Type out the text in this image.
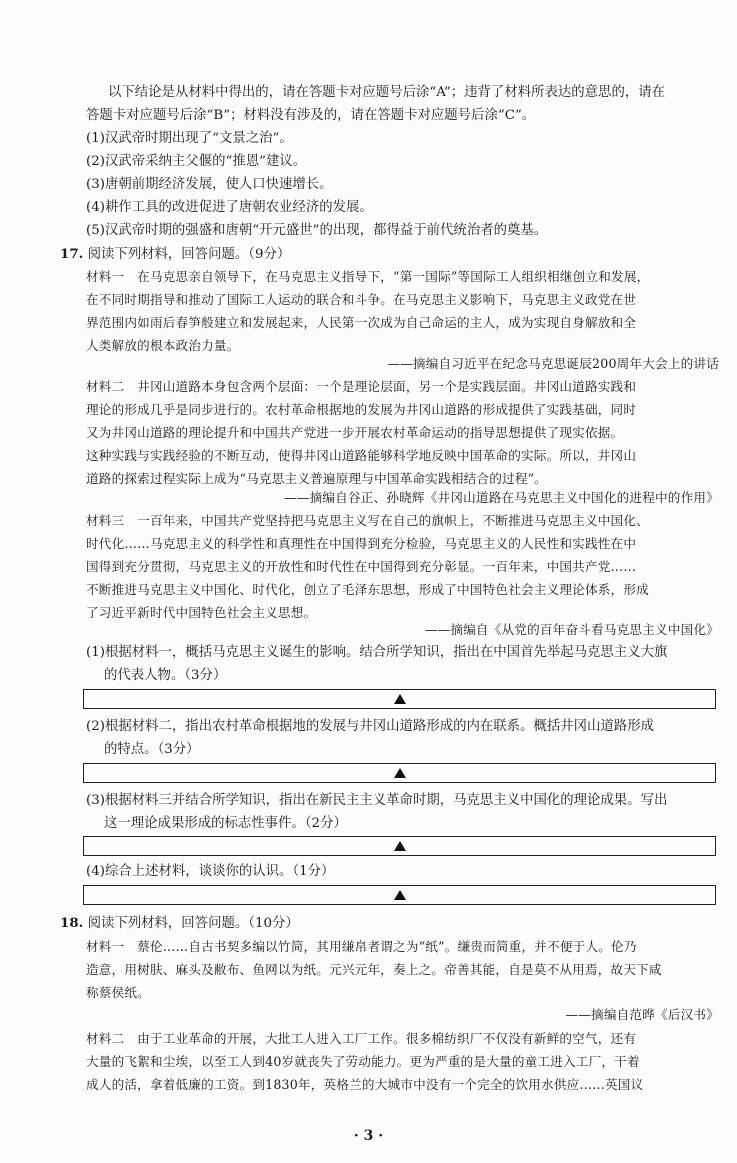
以下结论是从材料中得出的，请在答题卡对应题号后涂“A”；违背了材料所表达的意思的，请在
答题卡对应题号后涂“B”；材料没有涉及的，请在答题卡对应题号后涂“C”。
(1)汉武帝时期出现了“文景之治”。
(2)汉武帝采纳主父偃的“推恩”建议。
(3)唐朝前期经济发展，使人口快速增长。
(4)耕作工具的改进促进了唐朝农业经济的发展。
(5)汉武帝时期的强盛和唐朝“开元盛世”的出现，都得益于前代统治者的奠基。
17. 阅读下列材料，回答问题。（9分）
材料一　在马克思亲自领导下，在马克思主义指导下，“第一国际”等国际工人组织相继创立和发展，
在不同时期指导和推动了国际工人运动的联合和斗争。在马克思主义影响下，马克思主义政党在世
界范围内如雨后春笋般建立和发展起来，人民第一次成为自己命运的主人，成为实现自身解放和全
人类解放的根本政治力量。
——摘编自习近平在纪念马克思诞辰200周年大会上的讲话
材料二　井冈山道路本身包含两个层面：一个是理论层面，另一个是实践层面。井冈山道路实践和
理论的形成几乎是同步进行的。农村革命根据地的发展为井冈山道路的形成提供了实践基础，同时
又为井冈山道路的理论提升和中国共产党进一步开展农村革命运动的指导思想提供了现实依据。
这种实践与实践经验的不断互动，使得井冈山道路能够科学地反映中国革命的实际。所以，井冈山
道路的探索过程实际上成为“马克思主义普遍原理与中国革命实践相结合的过程”。
——摘编自谷正、孙晓辉《井冈山道路在马克思主义中国化的进程中的作用》
材料三　一百年来，中国共产党坚持把马克思主义写在自己的旗帜上，不断推进马克思主义中国化、
时代化……马克思主义的科学性和真理性在中国得到充分检验，马克思主义的人民性和实践性在中
国得到充分贯彻，马克思主义的开放性和时代性在中国得到充分彰显。一百年来，中国共产党……
不断推进马克思主义中国化、时代化，创立了毛泽东思想，形成了中国特色社会主义理论体系，形成
了习近平新时代中国特色社会主义思想。
——摘编自《从党的百年奋斗看马克思主义中国化》
(1)根据材料一，概括马克思主义诞生的影响。结合所学知识，指出在中国首先举起马克思主义大旗
的代表人物。（3分）
(2)根据材料二，指出农村革命根据地的发展与井冈山道路形成的内在联系。概括井冈山道路形成
的特点。（3分）
(3)根据材料三并结合所学知识，指出在新民主主义革命时期，马克思主义中国化的理论成果。写出
这一理论成果形成的标志性事件。（2分）
(4)综合上述材料，谈谈你的认识。（1分）
18. 阅读下列材料，回答问题。（10分）
材料一　蔡伦……自古书契多编以竹简，其用缣帛者谓之为“纸”。缣贵而简重，并不便于人。伦乃
造意，用树肤、麻头及敝布、鱼网以为纸。元兴元年，奏上之。帝善其能，自是莫不从用焉，故天下咸
称蔡侯纸。
——摘编自范晔《后汉书》
材料二　由于工业革命的开展，大批工人进入工厂工作。很多棉纺织厂不仅没有新鲜的空气，还有
大量的飞絮和尘埃，以至工人到40岁就丧失了劳动能力。更为严重的是大量的童工进入工厂，干着
成人的活，拿着低廉的工资。到1830年，英格兰的大城市中没有一个完全的饮用水供应……英国议
· 3 ·
